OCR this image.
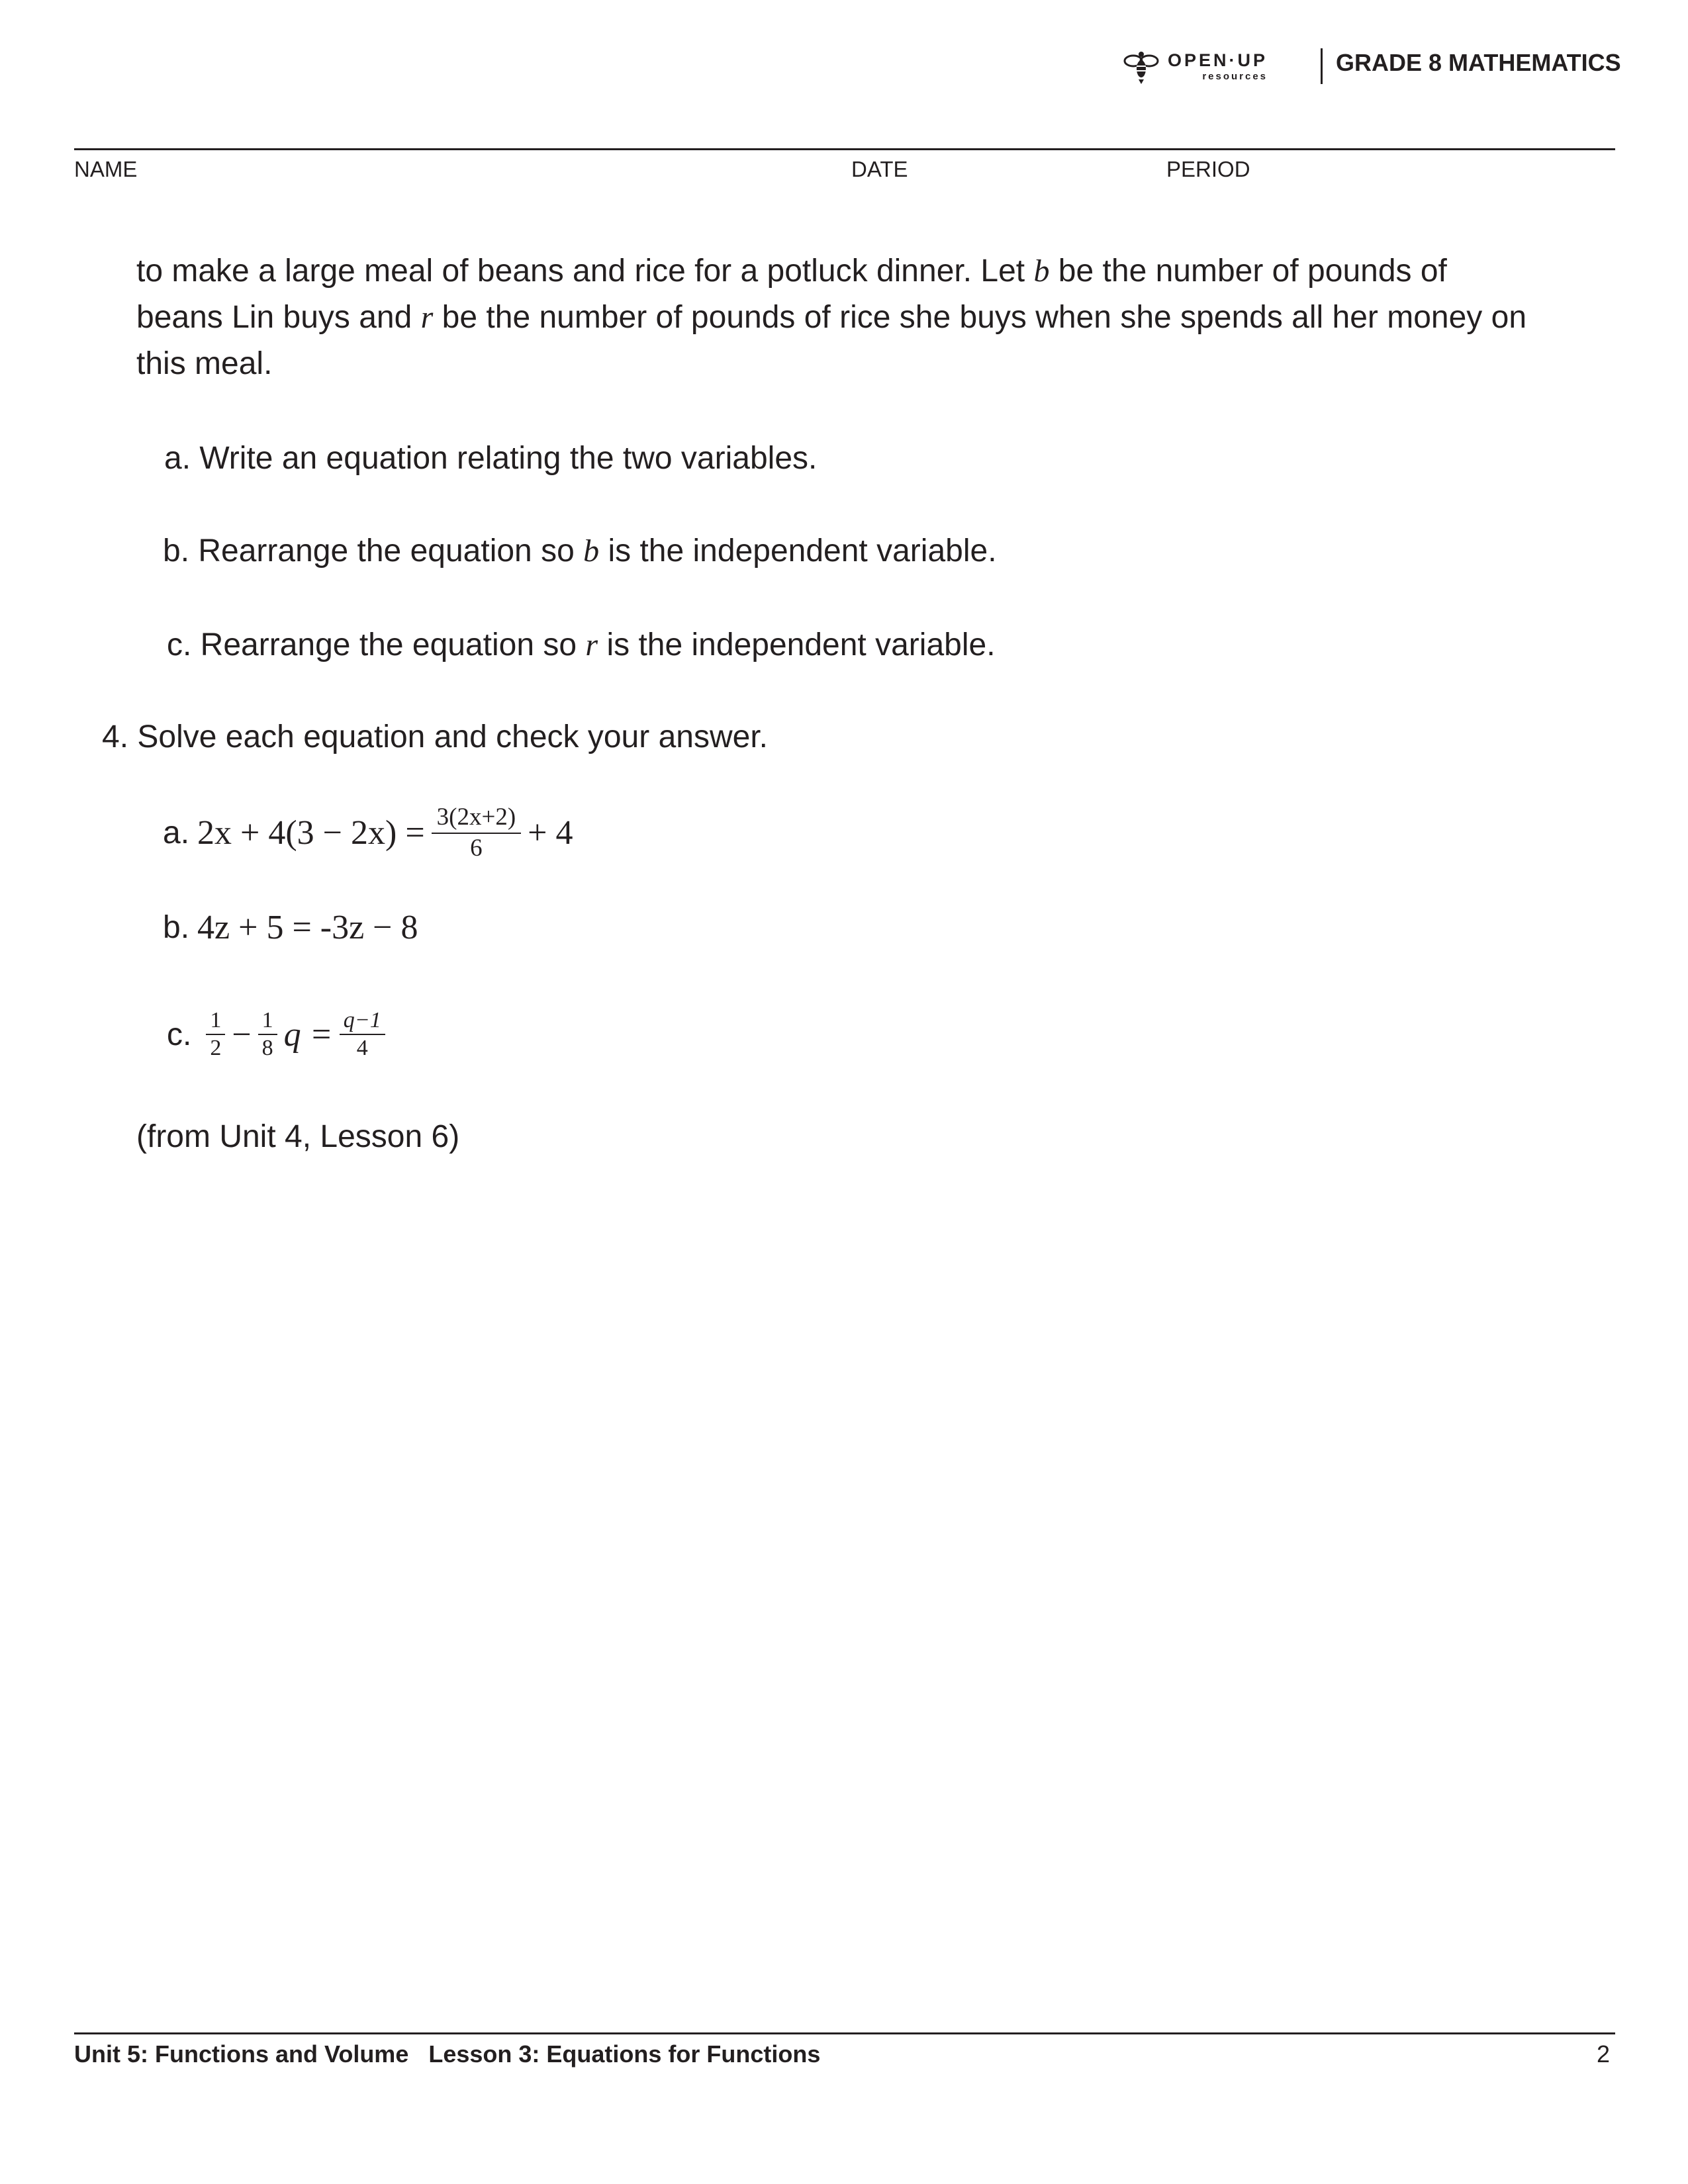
OPEN·UP
resources	GRADE 8 MATHEMATICS
NAME	DATE	PERIOD
to make a large meal of beans and rice for a potluck dinner. Let b be the number of pounds of
beans Lin buys and r be the number of pounds of rice she buys when she spends all her money on
this meal.
a. Write an equation relating the two variables.
b. Rearrange the equation so b is the independent variable.
c. Rearrange the equation so r is the independent variable.
4. Solve each equation and check your answer.
a. $2x + 4(3 - 2x) = \frac{3(2x+2)}{6} + 4$
b. 4z + 5 = -3z − 8
c. $\frac{1}{2} - \frac{1}{8}$ $q = \frac{q-1}{4}$
(from Unit 4, Lesson 6)
Unit 5: Functions and Volume Lesson 3: Equations for Functions	2
